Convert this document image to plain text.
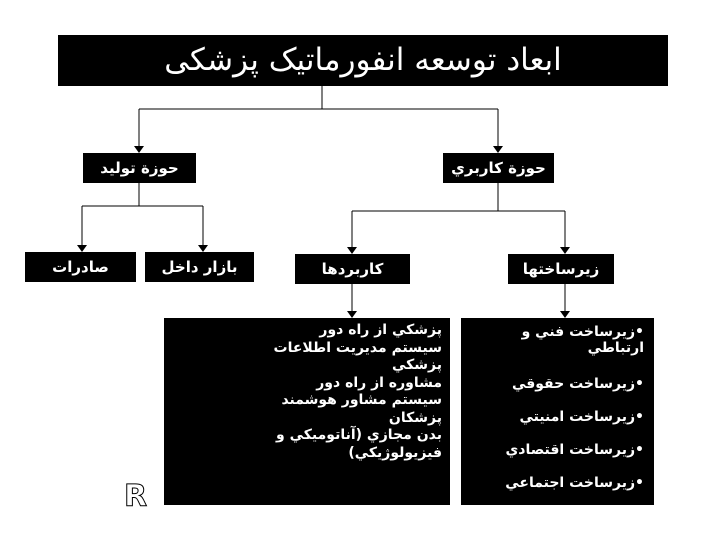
ابعاد توسعه انفورماتيک پزشکی
حوزة كاربري
حوزة توليد
كاربردها	زيرساختها
صادرات	بازار داخل
پزشكي از راه دور
سيستم مديريت اطلاعات
پزشكي
مشاوره از راه دور
سيستم مشاور هوشمند
پزشكان
بدن مجازي (آناتوميكي و
فيزيولوژيكي)
•زيرساخت فني و ارتباطي
•زيرساخت حقوقي
•زيرساخت امنيتي
•زيرساخت اقتصادي
•زيرساخت اجتماعي
R
